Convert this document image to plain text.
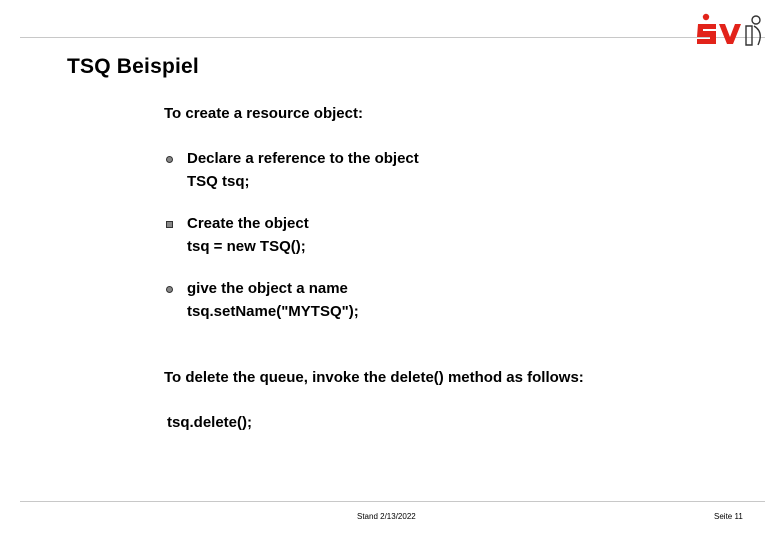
TSQ Beispiel
To create a resource object:
Declare a reference to the object
TSQ tsq;
Create the object
tsq = new TSQ();
give the object a name
tsq.setName("MYTSQ");
To delete the queue, invoke the delete() method as follows:
tsq.delete();
Stand 2/13/2022	Seite 11
